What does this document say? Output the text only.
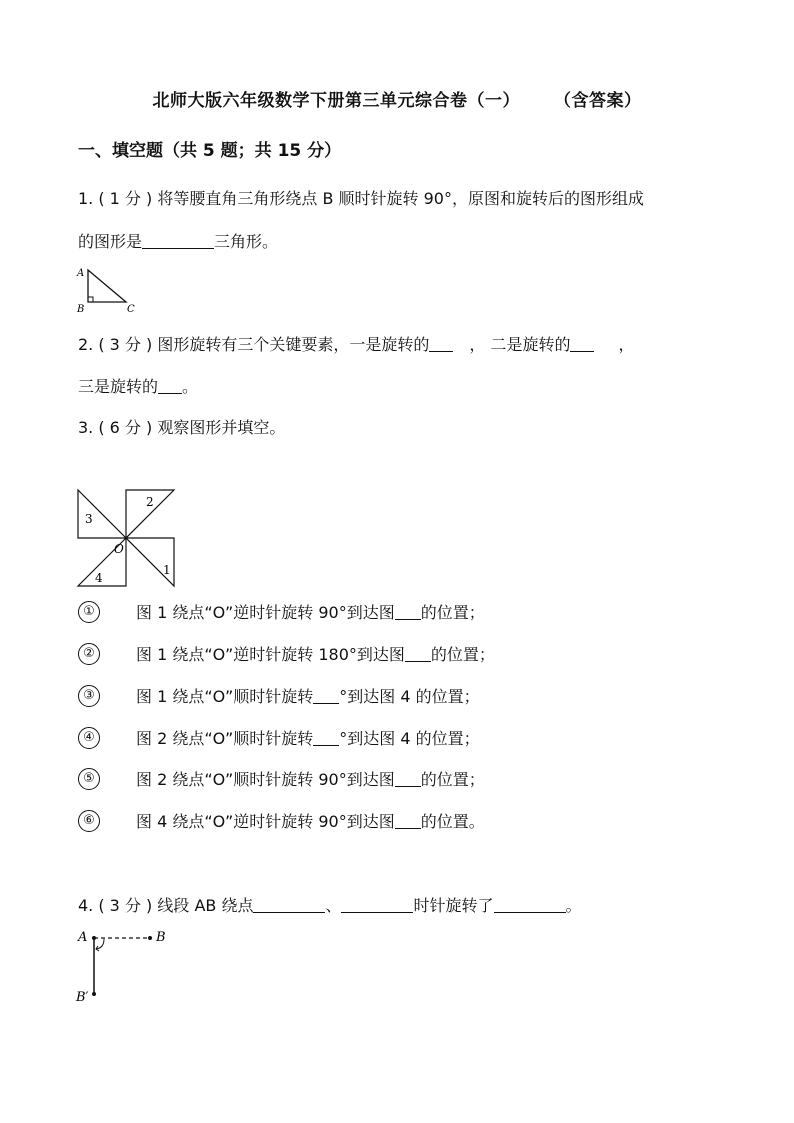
北师大版六年级数学下册第三单元综合卷（一） （含答案）
一、填空题（共 5 题；共 15 分）
1. ( 1 分 ) 将等腰直角三角形绕点 B 顺时针旋转 90°，原图和旋转后的图形组成
的图形是	三角形。
A
B	C
2. ( 3 分 ) 图形旋转有三个关键要素，一是旋转的	， 二是旋转的	，
三是旋转的 。
3. ( 6 分 ) 观察图形并填空。
2
3
1
4
O
①	图 1 绕点“O”逆时针旋转 90°到达图 的位置；
②	图 1 绕点“O”逆时针旋转 180°到达图 的位置；
③	图 1 绕点“O”顺时针旋转 °到达图 4 的位置；
④	图 2 绕点“O”顺时针旋转 °到达图 4 的位置；
⑤	图 2 绕点“O”顺时针旋转 90°到达图 的位置；
⑥	图 4 绕点“O”逆时针旋转 90°到达图 的位置。
4. ( 3 分 ) 线段 AB 绕点	、	时针旋转了	。
A	B
B′
